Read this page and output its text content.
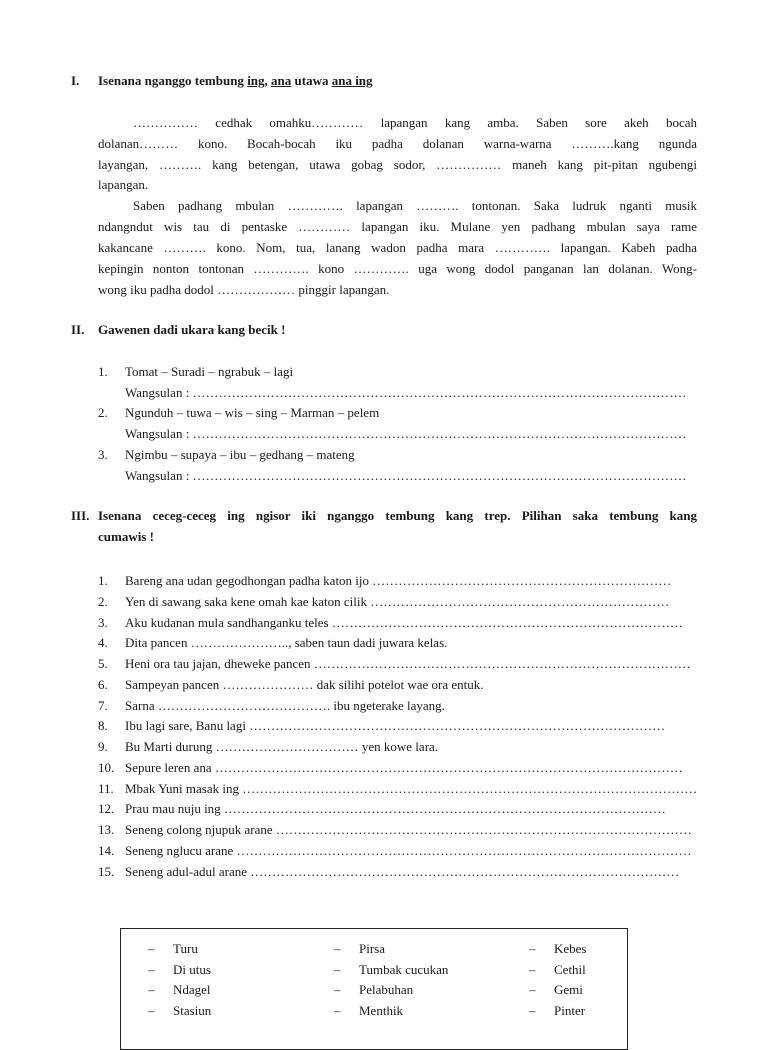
I. Isenana nganggo tembung ing, ana utawa ana ing
…………… cedhak omahku………… lapangan kang amba. Saben sore akeh bocah
dolanan……… kono. Bocah-bocah iku padha dolanan warna-warna ……….kang ngunda
layangan, ………. kang betengan, utawa gobag sodor, …………… maneh kang pit-pitan ngubengi
lapangan.
Saben padhang mbulan …………. lapangan ………. tontonan. Saka ludruk nganti musik
ndangndut wis tau di pentaske ………… lapangan iku. Mulane yen padhang mbulan saya rame
kakancane ………. kono. Nom, tua, lanang wadon padha mara …………. lapangan. Kabeh padha
kepingin nonton tontonan …………. kono …………. uga wong dodol panganan lan dolanan. Wong-
wong iku padha dodol ……………… pinggir lapangan.
II. Gawenen dadi ukara kang becik !
1. Tomat – Suradi – ngrabuk – lagi
Wangsulan : ……………………………………………………………………………………………………
2. Ngunduh – tuwa – wis – sing – Marman – pelem
Wangsulan : ……………………………………………………………………………………………………
3. Ngimbu – supaya – ibu – gedhang – mateng
Wangsulan : ……………………………………………………………………………………………………
III. Isenana ceceg-ceceg ing ngisor iki nganggo tembung kang trep. Pilihan saka tembung kang
cumawis !
1. Bareng ana udan gegodhongan padha katon ijo ……………………………………………………………
2. Yen di sawang saka kene omah kae katon cilik ……………………………………………………………
3. Aku kudanan mula sandhanganku teles ………………………………………………………………………
4. Dita pancen ………………….., saben taun dadi juwara kelas.
5. Heni ora tau jajan, dheweke pancen ……………………………………………………………………………
6. Sampeyan pancen ………………… dak silihi potelot wae ora entuk.
7. Sarna …………………………………. ibu ngeterake layang.
8. Ibu lagi sare, Banu lagi ……………………………………………………………………………………
9. Bu Marti durung …………………………… yen kowe lara.
10. Sepure leren ana ………………………………………………………………………………………………
11. Mbak Yuni masak ing ……………………………………………………………………………………………
12. Prau mau nuju ing …………………………………………………………………………………………
13. Seneng colong njupuk arane ……………………………………………………………………………………
14. Seneng nglucu arane ……………………………………………………………………………………………
15. Seneng adul-adul arane ………………………………………………………………………………………
– Turu
– Di utus
– Ndagel
– Stasiun
– Pirsa
– Tumbak cucukan
– Pelabuhan
– Menthik
– Kebes
– Cethil
– Gemi
– Pinter
